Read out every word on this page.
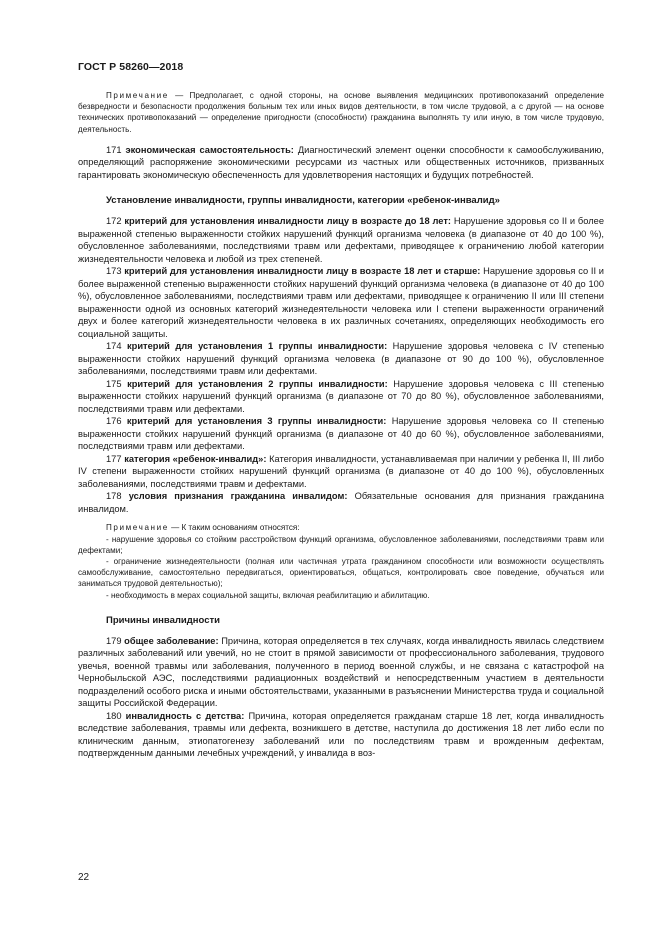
ГОСТ Р 58260—2018

Примечание — Предполагает, с одной стороны, на основе выявления медицинских противопоказаний определение безвредности и безопасности продолжения больным тех или иных видов деятельности, в том числе трудовой, а с другой — на основе технических противопоказаний — определение пригодности (способности) гражданина выполнять ту или иную, в том числе трудовую, деятельность.

171 экономическая самостоятельность: Диагностический элемент оценки способности к самообслуживанию, определяющий распоряжение экономическими ресурсами из частных или общественных источников, призванных гарантировать экономическую обеспеченность для удовлетворения настоящих и будущих потребностей.

Установление инвалидности, группы инвалидности, категории «ребенок-инвалид»

172 критерий для установления инвалидности лицу в возрасте до 18 лет: Нарушение здоровья со II и более выраженной степенью выраженности стойких нарушений функций организма человека (в диапазоне от 40 до 100 %), обусловленное заболеваниями, последствиями травм или дефектами, приводящее к ограничению любой категории жизнедеятельности человека и любой из трех степеней.

173 критерий для установления инвалидности лицу в возрасте 18 лет и старше: Нарушение здоровья со II и более выраженной степенью выраженности стойких нарушений функций организма человека (в диапазоне от 40 до 100 %), обусловленное заболеваниями, последствиями травм или дефектами, приводящее к ограничению II или III степени выраженности одной из основных категорий жизнедеятельности человека или I степени выраженности ограничений двух и более категорий жизнедеятельности человека в их различных сочетаниях, определяющих необходимость его социальной защиты.

174 критерий для установления 1 группы инвалидности: Нарушение здоровья человека с IV степенью выраженности стойких нарушений функций организма человека (в диапазоне от 90 до 100 %), обусловленное заболеваниями, последствиями травм или дефектами.

175 критерий для установления 2 группы инвалидности: Нарушение здоровья человека с III степенью выраженности стойких нарушений функций организма (в диапазоне от 70 до 80 %), обусловленное заболеваниями, последствиями травм или дефектами.

176 критерий для установления 3 группы инвалидности: Нарушение здоровья человека со II степенью выраженности стойких нарушений функций организма (в диапазоне от 40 до 60 %), обусловленное заболеваниями, последствиями травм или дефектами.

177 категория «ребенок-инвалид»: Категория инвалидности, устанавливаемая при наличии у ребенка II, III либо IV степени выраженности стойких нарушений функций организма (в диапазоне от 40 до 100 %), обусловленных заболеваниями, последствиями травм и дефектами.

178 условия признания гражданина инвалидом: Обязательные основания для признания гражданина инвалидом.

Примечание — К таким основаниям относятся:

- нарушение здоровья со стойким расстройством функций организма, обусловленное заболеваниями, последствиями травм или дефектами;

- ограничение жизнедеятельности (полная или частичная утрата гражданином способности или возможности осуществлять самообслуживание, самостоятельно передвигаться, ориентироваться, общаться, контролировать свое поведение, обучаться или заниматься трудовой деятельностью);

- необходимость в мерах социальной защиты, включая реабилитацию и абилитацию.

Причины инвалидности

179 общее заболевание: Причина, которая определяется в тех случаях, когда инвалидность явилась следствием различных заболеваний или увечий, но не стоит в прямой зависимости от профессионального заболевания, трудового увечья, военной травмы или заболевания, полученного в период военной службы, и не связана с катастрофой на Чернобыльской АЭС, последствиями радиационных воздействий и непосредственным участием в деятельности подразделений особого риска и иными обстоятельствами, указанными в разъяснении Министерства труда и социальной защиты Российской Федерации.

180 инвалидность с детства: Причина, которая определяется гражданам старше 18 лет, когда инвалидность вследствие заболевания, травмы или дефекта, возникшего в детстве, наступила до достижения 18 лет либо если по клиническим данным, этиопатогенезу заболеваний или по последствиям травм и врожденным дефектам, подтвержденным данными лечебных учреждений, у инвалида в воз-

22
